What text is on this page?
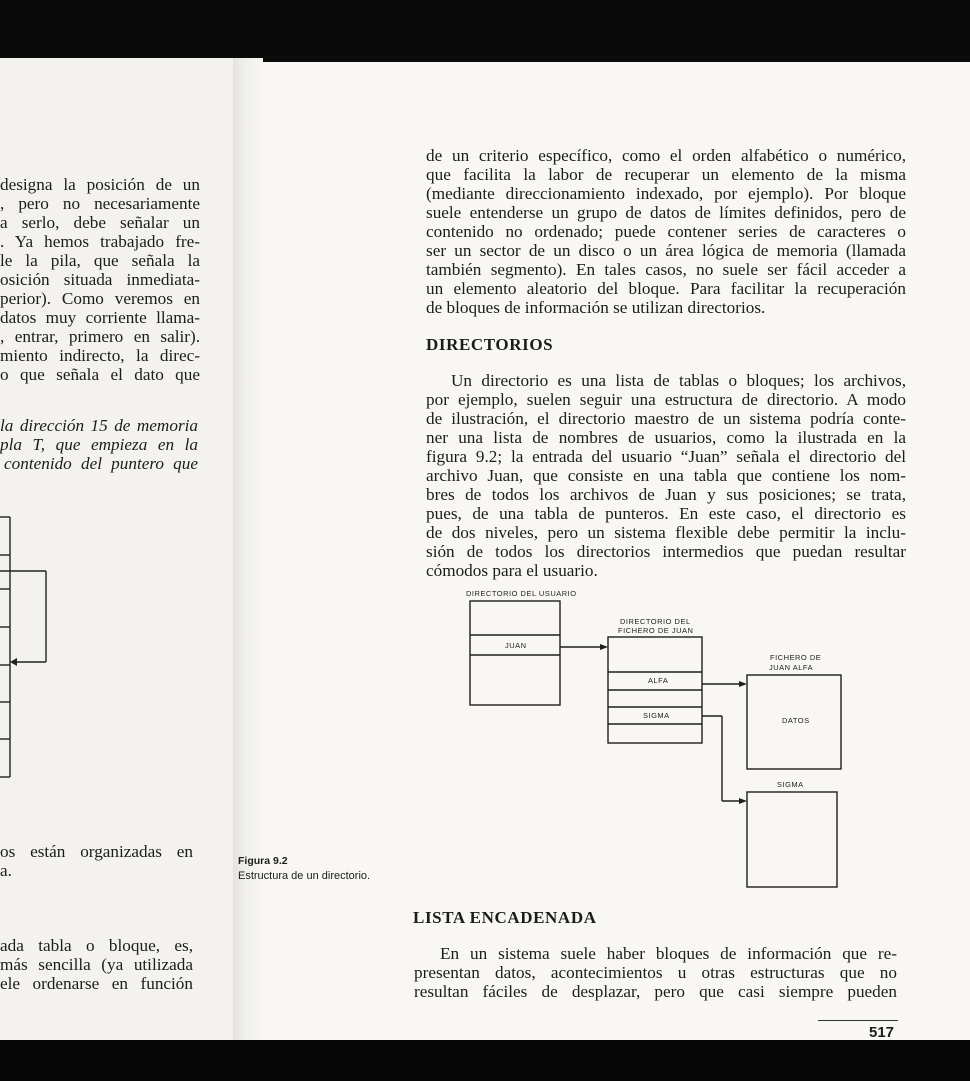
designa la posición de un
, pero no necesariamente
a serlo, debe señalar un
. Ya hemos trabajado fre-
le la pila, que señala la
osición situada inmediata-
perior). Como veremos en
datos muy corriente llama-
, entrar, primero en salir).
miento indirecto, la direc-
o que señala el dato que
la dirección 15 de memoria
pla T, que empieza en la
contenido del puntero que
os están organizadas en
a.
ada tabla o bloque, es,
más sencilla (ya utilizada
ele ordenarse en función
Figura 9.2
Estructura de un directorio.
de un criterio específico, como el orden alfabético o numérico,
que facilita la labor de recuperar un elemento de la misma
(mediante direccionamiento indexado, por ejemplo). Por bloque
suele entenderse un grupo de datos de límites definidos, pero de
contenido no ordenado; puede contener series de caracteres o
ser un sector de un disco o un área lógica de memoria (llamada
también segmento). En tales casos, no suele ser fácil acceder a
un elemento aleatorio del bloque. Para facilitar la recuperación
de bloques de información se utilizan directorios.
DIRECTORIOS
Un directorio es una lista de tablas o bloques; los archivos,
por ejemplo, suelen seguir una estructura de directorio. A modo
de ilustración, el directorio maestro de un sistema podría conte-
ner una lista de nombres de usuarios, como la ilustrada en la
figura 9.2; la entrada del usuario “Juan” señala el directorio del
archivo Juan, que consiste en una tabla que contiene los nom-
bres de todos los archivos de Juan y sus posiciones; se trata,
pues, de una tabla de punteros. En este caso, el directorio es
de dos niveles, pero un sistema flexible debe permitir la inclu-
sión de todos los directorios intermedios que puedan resultar
cómodos para el usuario.
DIRECTORIO DEL USUARIO
JUAN
DIRECTORIO DEL
FICHERO DE JUAN
ALFA
SIGMA
FICHERO DE
JUAN ALFA
DATOS
SIGMA
LISTA ENCADENADA
En un sistema suele haber bloques de información que re-
presentan datos, acontecimientos u otras estructuras que no
resultan fáciles de desplazar, pero que casi siempre pueden
517
